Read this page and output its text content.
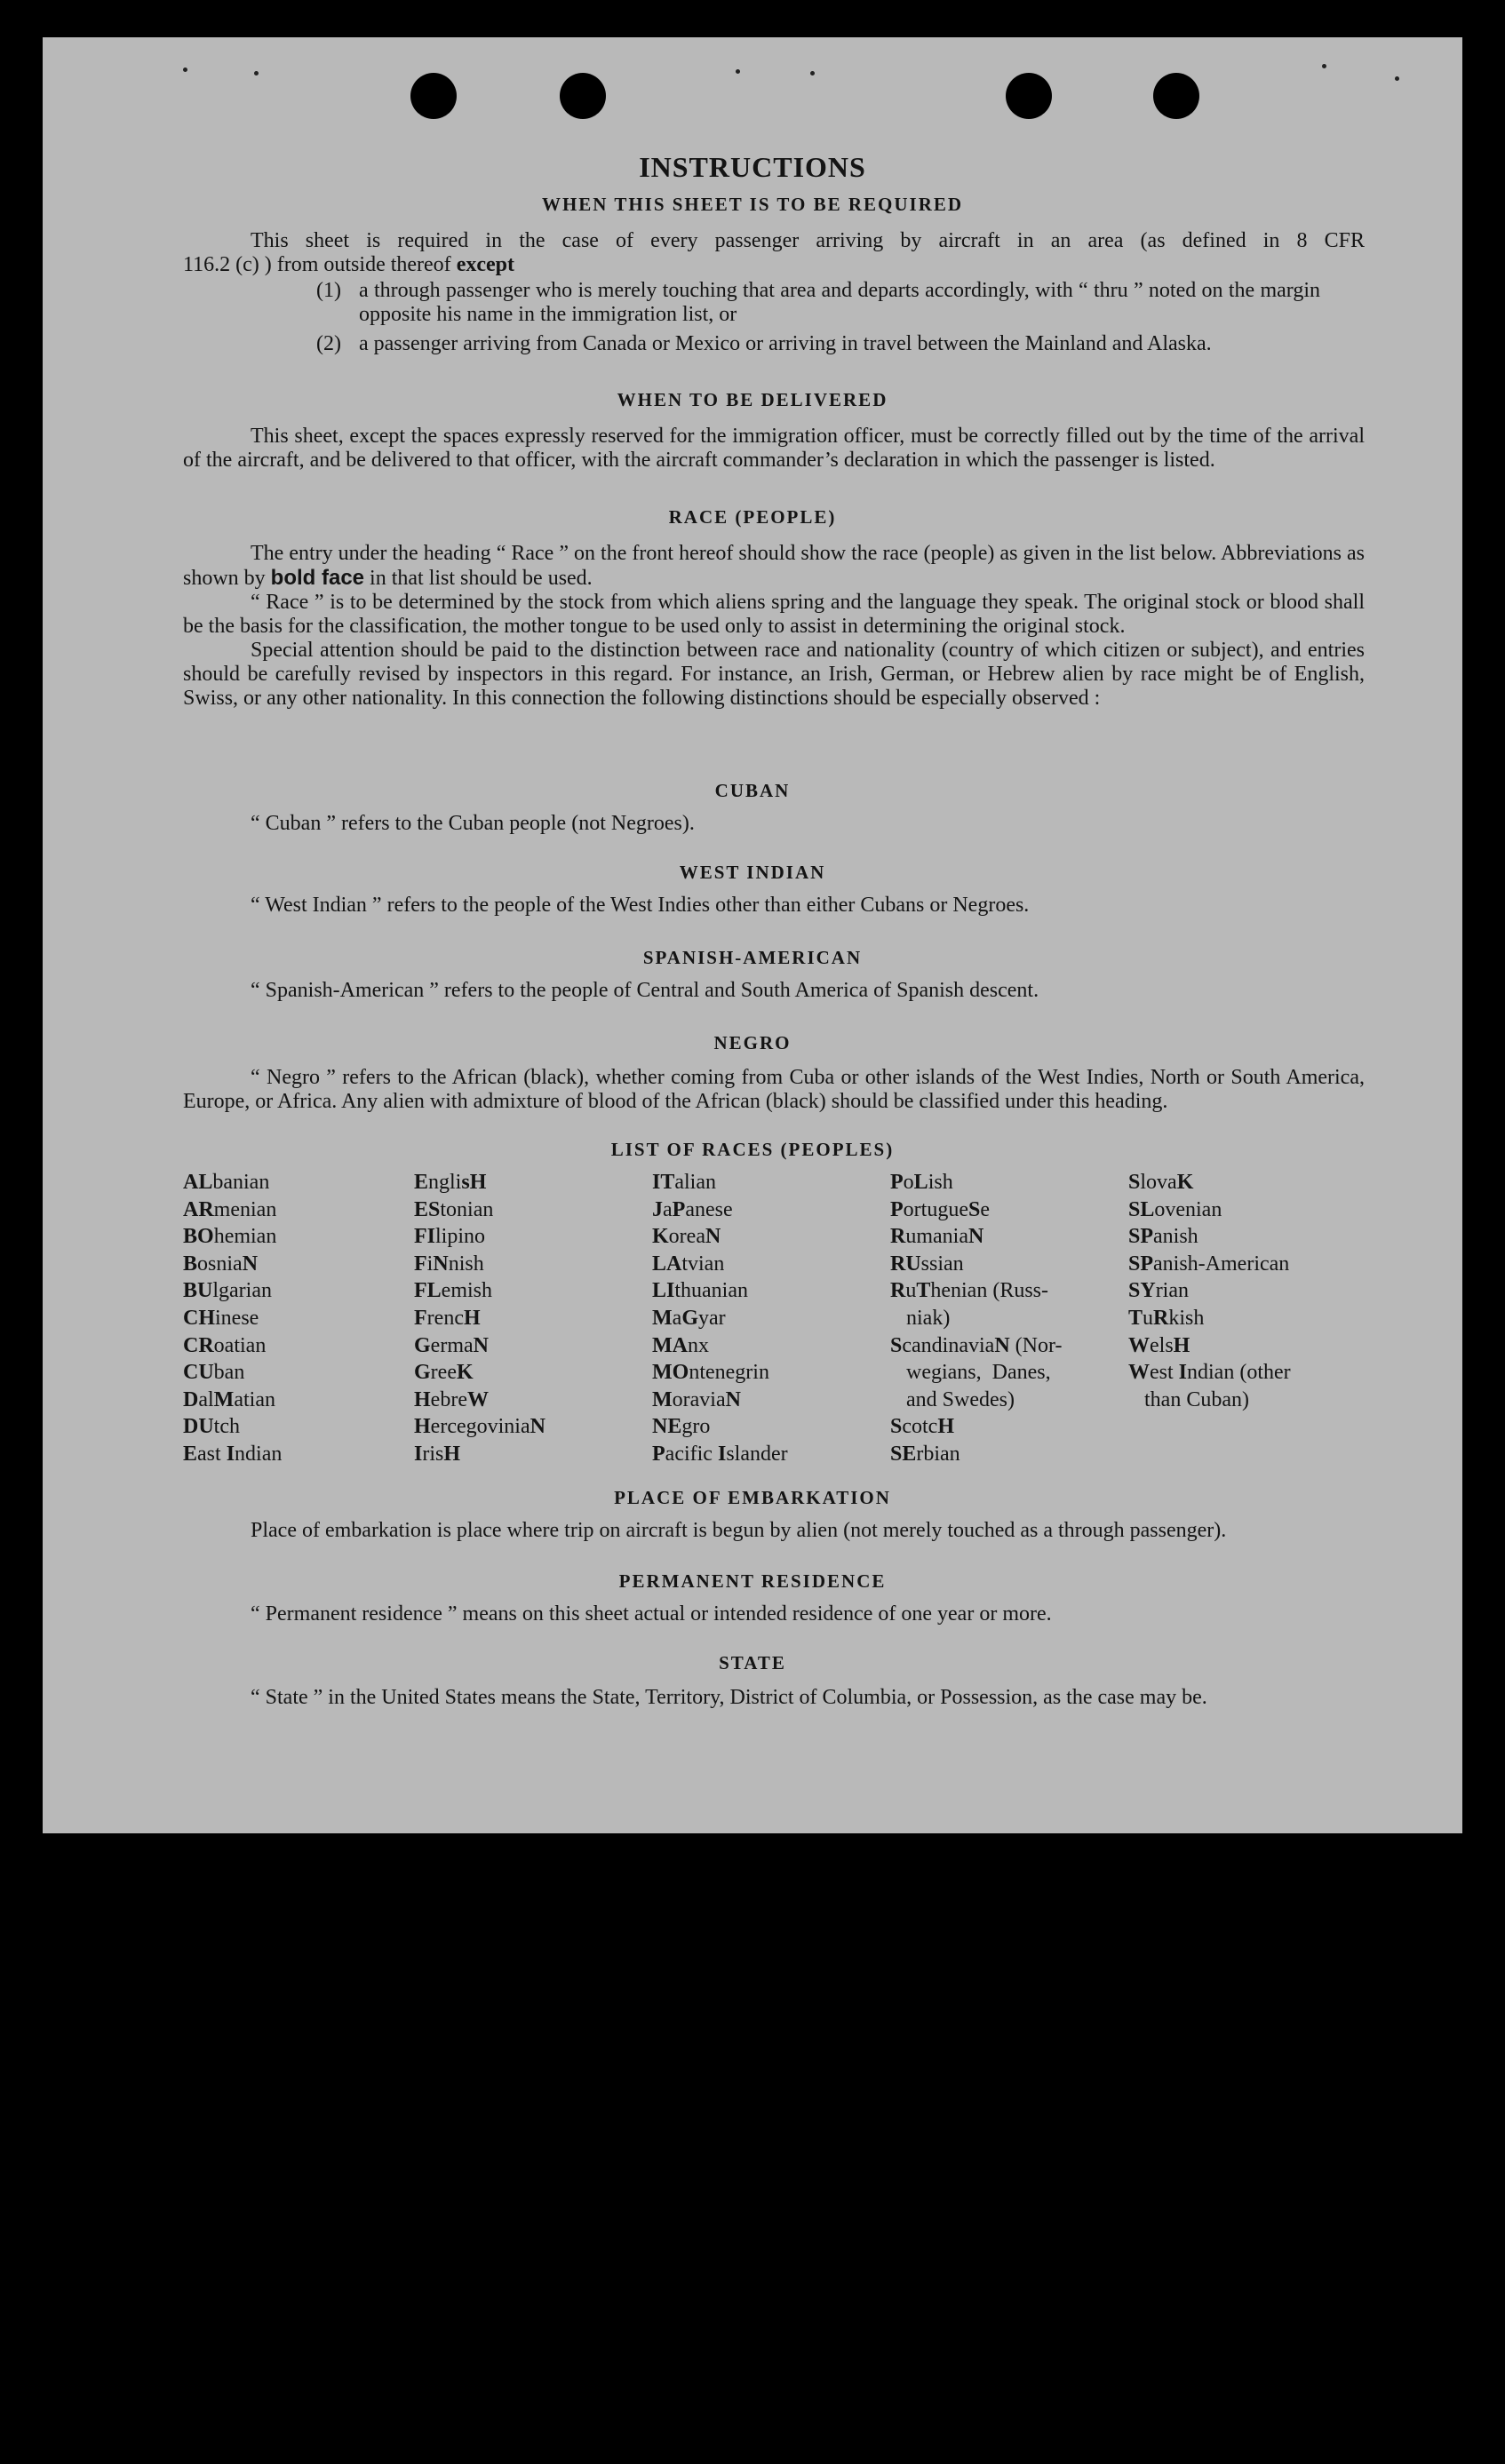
INSTRUCTIONS
WHEN THIS SHEET IS TO BE REQUIRED

This sheet is required in the case of every passenger arriving by aircraft in an area (as defined in 8 CFR

116.2 (c) ) from outside thereof except

(1) a through passenger who is merely touching that area and departs accordingly, with “ thru ” noted on the margin opposite his name in the immigration list, or
(2) a passenger arriving from Canada or Mexico or arriving in travel between the Mainland and Alaska.
WHEN TO BE DELIVERED

This sheet, except the spaces expressly reserved for the immigration officer, must be correctly filled out by the time of the arrival of the aircraft, and be delivered to that officer, with the aircraft commander’s declaration in which the passenger is listed.

RACE (PEOPLE)

The entry under the heading “ Race ” on the front hereof should show the race (people) as given in the list below. Abbreviations as shown by bold face in that list should be used.

“ Race ” is to be determined by the stock from which aliens spring and the language they speak. The original stock or blood shall be the basis for the classification, the mother tongue to be used only to assist in determining the original stock.

Special attention should be paid to the distinction between race and nationality (country of which citizen or subject), and entries should be carefully revised by inspectors in this regard. For instance, an Irish, German, or Hebrew alien by race might be of English, Swiss, or any other nationality. In this connection the following distinctions should be especially observed :

CUBAN

“ Cuban ” refers to the Cuban people (not Negroes).

WEST INDIAN

“ West Indian ” refers to the people of the West Indies other than either Cubans or Negroes.

SPANISH-AMERICAN

“ Spanish-American ” refers to the people of Central and South America of Spanish descent.

NEGRO

“ Negro ” refers to the African (black), whether coming from Cuba or other islands of the West Indies, North or South America, Europe, or Africa. Any alien with admixture of blood of the African (black) should be classified under this heading.

LIST OF RACES (PEOPLES)
ALbanian
ARmenian
BOhemian
BosniaN
BUlgarian
CHinese
CRoatian
CUban
DalMatian
DUtch
East Indian
EnglisH
EStonian
FIlipino
FiNnish
FLemish
FrencH
GermaN
GreeK
HebreW
HercegoviniaN
IrisH
ITalian
JaPanese
KoreaN
LAtvian
LIthuanian
MaGyar
MAnx
MOntenegrin
MoraviaN
NEgro
Pacific Islander
PoLish
PortugueSe
RumaniaN
RUssian
RuThenian (Russ-
niak)
ScandinaviaN (Nor-
wegians,  Danes,
and Swedes)
ScotcH
SErbian
SlovaK
SLovenian
SPanish
SPanish-American
SYrian
TuRkish
WelsH
West Indian (other
than Cuban)
PLACE OF EMBARKATION

Place of embarkation is place where trip on aircraft is begun by alien (not merely touched as a through passenger).

PERMANENT RESIDENCE

“ Permanent residence ” means on this sheet actual or intended residence of one year or more.

STATE

“ State ” in the United States means the State, Territory, District of Columbia, or Possession, as the case may be.
